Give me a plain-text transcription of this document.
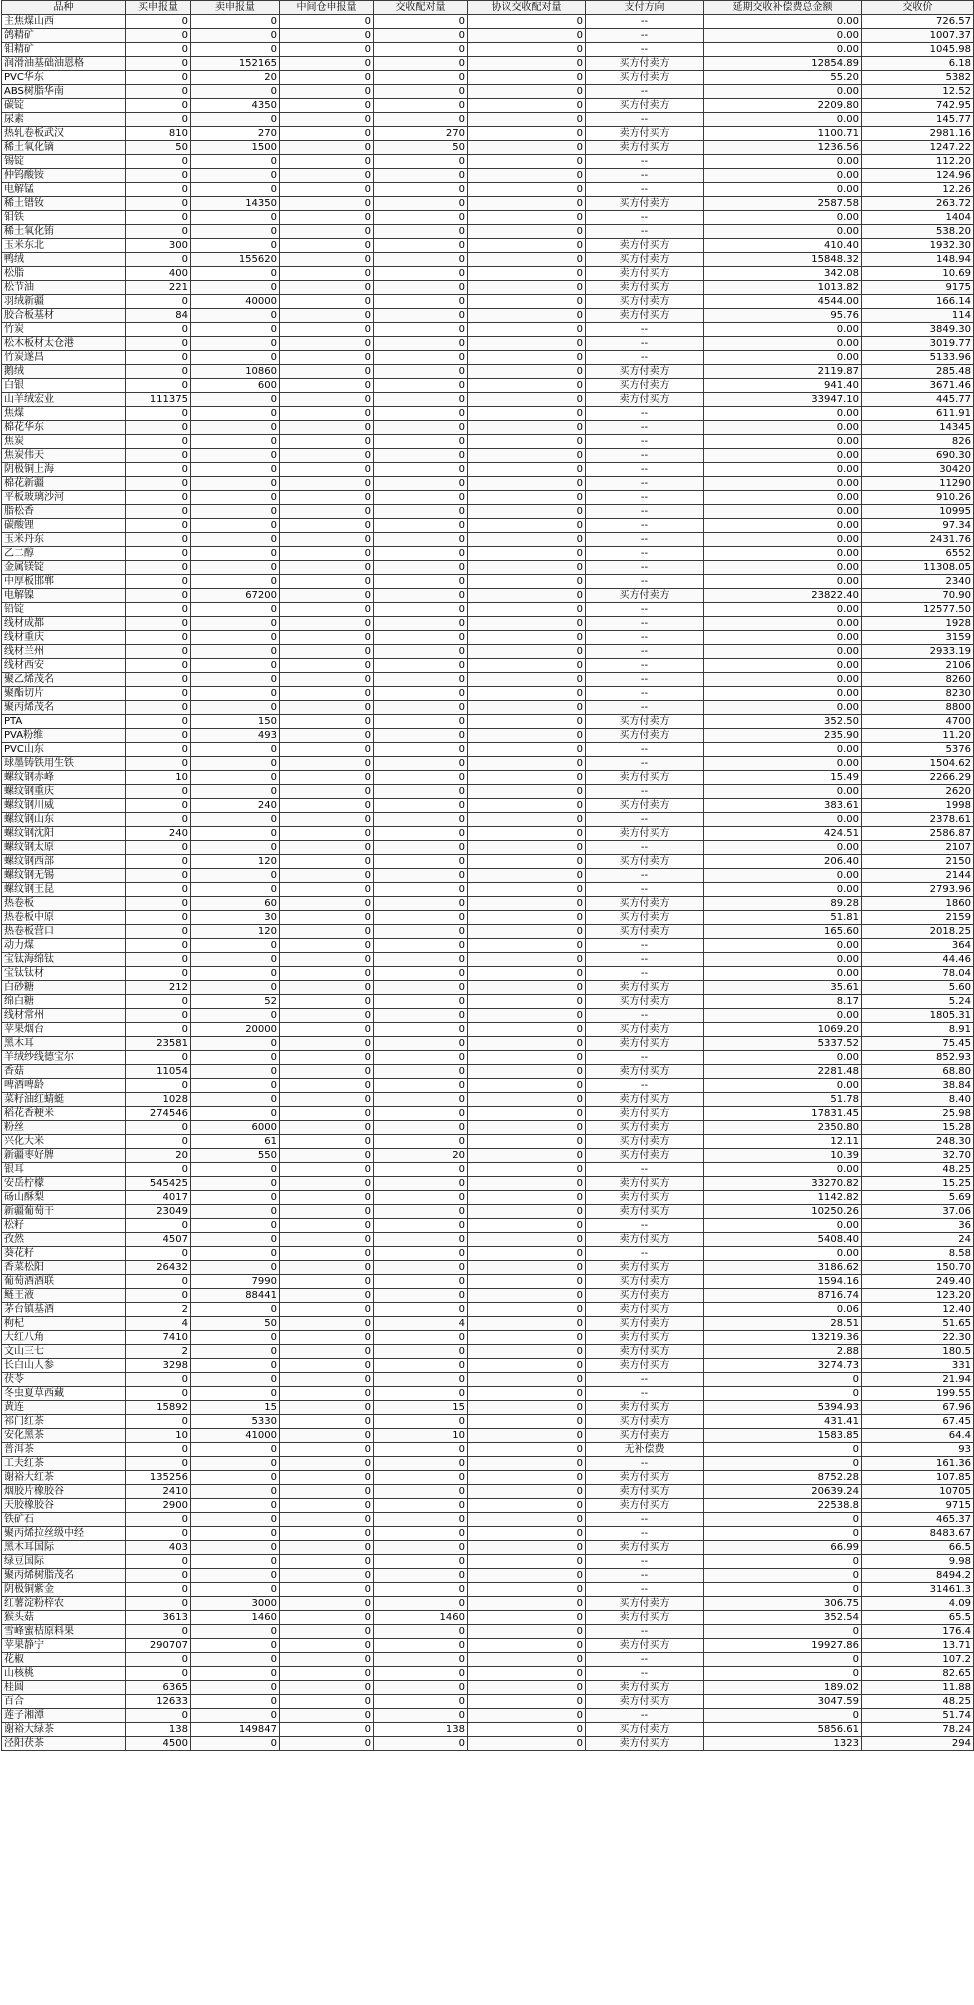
品种	买申报量	卖申报量	中间仓申报量	交收配对量	协议交收配对量	支付方向	延期交收补偿费总金额	交收价
主焦煤山西	0	0	0	0	0	--	0.00	726.57
鸽精矿	0	0	0	0	0	--	0.00	1007.37
钼精矿	0	0	0	0	0	--	0.00	1045.98
润滑油基础油恩格	0	152165	0	0	0	买方付卖方	12854.89	6.18
PVC华东	0	20	0	0	0	买方付卖方	55.20	5382
ABS树脂华南	0	0	0	0	0	--	0.00	12.52
碳锭	0	4350	0	0	0	买方付卖方	2209.80	742.95
尿素	0	0	0	0	0	--	0.00	145.77
热轧卷板武汉	810	270	0	270	0	卖方付买方	1100.71	2981.16
稀土氧化镝	50	1500	0	50	0	卖方付买方	1236.56	1247.22
锡锭	0	0	0	0	0	--	0.00	112.20
仲钨酸铵	0	0	0	0	0	--	0.00	124.96
电解锰	0	0	0	0	0	--	0.00	12.26
稀土镨钕	0	14350	0	0	0	买方付卖方	2587.58	263.72
钼铁	0	0	0	0	0	--	0.00	1404
稀土氧化铕	0	0	0	0	0	--	0.00	538.20
玉米东北	300	0	0	0	0	卖方付买方	410.40	1932.30
鸭绒	0	155620	0	0	0	买方付卖方	15848.32	148.94
松脂	400	0	0	0	0	卖方付买方	342.08	10.69
松节油	221	0	0	0	0	卖方付买方	1013.82	9175
羽绒新疆	0	40000	0	0	0	买方付卖方	4544.00	166.14
胶合板基材	84	0	0	0	0	卖方付买方	95.76	114
竹炭	0	0	0	0	0	--	0.00	3849.30
松木板材太仓港	0	0	0	0	0	--	0.00	3019.77
竹炭遂昌	0	0	0	0	0	--	0.00	5133.96
鹅绒	0	10860	0	0	0	买方付卖方	2119.87	285.48
白银	0	600	0	0	0	买方付卖方	941.40	3671.46
山羊绒宏业	111375	0	0	0	0	卖方付买方	33947.10	445.77
焦煤	0	0	0	0	0	--	0.00	611.91
棉花华东	0	0	0	0	0	--	0.00	14345
焦炭	0	0	0	0	0	--	0.00	826
焦炭伟天	0	0	0	0	0	--	0.00	690.30
阴极铜上海	0	0	0	0	0	--	0.00	30420
棉花新疆	0	0	0	0	0	--	0.00	11290
平板玻璃沙河	0	0	0	0	0	--	0.00	910.26
脂松香	0	0	0	0	0	--	0.00	10995
碳酸锂	0	0	0	0	0	--	0.00	97.34
玉米丹东	0	0	0	0	0	--	0.00	2431.76
乙二醇	0	0	0	0	0	--	0.00	6552
金属镁锭	0	0	0	0	0	--	0.00	11308.05
中厚板邯郸	0	0	0	0	0	--	0.00	2340
电解镍	0	67200	0	0	0	买方付卖方	23822.40	70.90
铅锭	0	0	0	0	0	--	0.00	12577.50
线材成都	0	0	0	0	0	--	0.00	1928
线材重庆	0	0	0	0	0	--	0.00	3159
线材兰州	0	0	0	0	0	--	0.00	2933.19
线材西安	0	0	0	0	0	--	0.00	2106
聚乙烯茂名	0	0	0	0	0	--	0.00	8260
聚酯切片	0	0	0	0	0	--	0.00	8230
聚丙烯茂名	0	0	0	0	0	--	0.00	8800
PTA	0	150	0	0	0	买方付卖方	352.50	4700
PVA粉维	0	493	0	0	0	买方付卖方	235.90	11.20
PVC山东	0	0	0	0	0	--	0.00	5376
球墨铸铁用生铁	0	0	0	0	0	--	0.00	1504.62
螺纹钢赤峰	10	0	0	0	0	卖方付买方	15.49	2266.29
螺纹钢重庆	0	0	0	0	0	--	0.00	2620
螺纹钢川威	0	240	0	0	0	买方付卖方	383.61	1998
螺纹钢山东	0	0	0	0	0	--	0.00	2378.61
螺纹钢沈阳	240	0	0	0	0	卖方付买方	424.51	2586.87
螺纹钢太原	0	0	0	0	0	--	0.00	2107
螺纹钢西部	0	120	0	0	0	买方付卖方	206.40	2150
螺纹钢无锡	0	0	0	0	0	--	0.00	2144
螺纹钢王昆	0	0	0	0	0	--	0.00	2793.96
热卷板	0	60	0	0	0	买方付卖方	89.28	1860
热卷板中原	0	30	0	0	0	买方付卖方	51.81	2159
热卷板营口	0	120	0	0	0	买方付卖方	165.60	2018.25
动力煤	0	0	0	0	0	--	0.00	364
宝钛海绵钛	0	0	0	0	0	--	0.00	44.46
宝钛钛材	0	0	0	0	0	--	0.00	78.04
白砂糖	212	0	0	0	0	卖方付买方	35.61	5.60
绵白糖	0	52	0	0	0	买方付卖方	8.17	5.24
线材常州	0	0	0	0	0	--	0.00	1805.31
苹果烟台	0	20000	0	0	0	买方付卖方	1069.20	8.91
黑木耳	23581	0	0	0	0	卖方付买方	5337.52	75.45
羊绒纱线德宝尔	0	0	0	0	0	--	0.00	852.93
香菇	11054	0	0	0	0	卖方付买方	2281.48	68.80
啤酒啤龄	0	0	0	0	0	--	0.00	38.84
菜籽油红蜻蜓	1028	0	0	0	0	卖方付买方	51.78	8.40
稻花香粳米	274546	0	0	0	0	卖方付买方	17831.45	25.98
粉丝	0	6000	0	0	0	买方付卖方	2350.80	15.28
兴化大米	0	61	0	0	0	买方付卖方	12.11	248.30
新疆枣好牌	20	550	0	20	0	买方付卖方	10.39	32.70
银耳	0	0	0	0	0	--	0.00	48.25
安岳柠檬	545425	0	0	0	0	卖方付买方	33270.82	15.25
砀山酥梨	4017	0	0	0	0	卖方付买方	1142.82	5.69
新疆葡萄干	23049	0	0	0	0	卖方付买方	10250.26	37.06
松籽	0	0	0	0	0	--	0.00	36
孜然	4507	0	0	0	0	卖方付买方	5408.40	24
葵花籽	0	0	0	0	0	--	0.00	8.58
香菜松阳	26432	0	0	0	0	卖方付买方	3186.62	150.70
葡萄酒酒联	0	7990	0	0	0	买方付卖方	1594.16	249.40
鲢王液	0	88441	0	0	0	买方付卖方	8716.74	123.20
茅台镇基酒	2	0	0	0	0	卖方付买方	0.06	12.40
枸杞	4	50	0	4	0	买方付卖方	28.51	51.65
大红八角	7410	0	0	0	0	卖方付买方	13219.36	22.30
文山三七	2	0	0	0	0	卖方付买方	2.88	180.5
长白山人参	3298	0	0	0	0	卖方付买方	3274.73	331
茯苓	0	0	0	0	0	--	0	21.94
冬虫夏草西藏	0	0	0	0	0	--	0	199.55
黄连	15892	15	0	15	0	卖方付买方	5394.93	67.96
祁门红茶	0	5330	0	0	0	买方付卖方	431.41	67.45
安化黑茶	10	41000	0	10	0	买方付卖方	1583.85	64.4
普洱茶	0	0	0	0	0	无补偿费	0	93
工夫红茶	0	0	0	0	0	--	0	161.36
谢裕大红茶	135256	0	0	0	0	卖方付买方	8752.28	107.85
烟胶片橡胶谷	2410	0	0	0	0	卖方付买方	20639.24	10705
天胶橡胶谷	2900	0	0	0	0	卖方付买方	22538.8	9715
铁矿石	0	0	0	0	0	--	0	465.37
聚丙烯拉丝级中经	0	0	0	0	0	--	0	8483.67
黑木耳国际	403	0	0	0	0	卖方付买方	66.99	66.5
绿豆国际	0	0	0	0	0	--	0	9.98
聚丙烯树脂茂名	0	0	0	0	0	--	0	8494.2
阴极铜紫金	0	0	0	0	0	--	0	31461.3
红薯淀粉梓农	0	3000	0	0	0	买方付卖方	306.75	4.09
猴头菇	3613	1460	0	1460	0	卖方付买方	352.54	65.5
雪峰蜜桔原料果	0	0	0	0	0	--	0	176.4
苹果静宁	290707	0	0	0	0	卖方付买方	19927.86	13.71
花椒	0	0	0	0	0	--	0	107.2
山核桃	0	0	0	0	0	--	0	82.65
桂圆	6365	0	0	0	0	卖方付买方	189.02	11.88
百合	12633	0	0	0	0	卖方付买方	3047.59	48.25
莲子湘潭	0	0	0	0	0	--	0	51.74
谢裕大绿茶	138	149847	0	138	0	买方付卖方	5856.61	78.24
泾阳茯茶	4500	0	0	0	0	卖方付买方	1323	294
